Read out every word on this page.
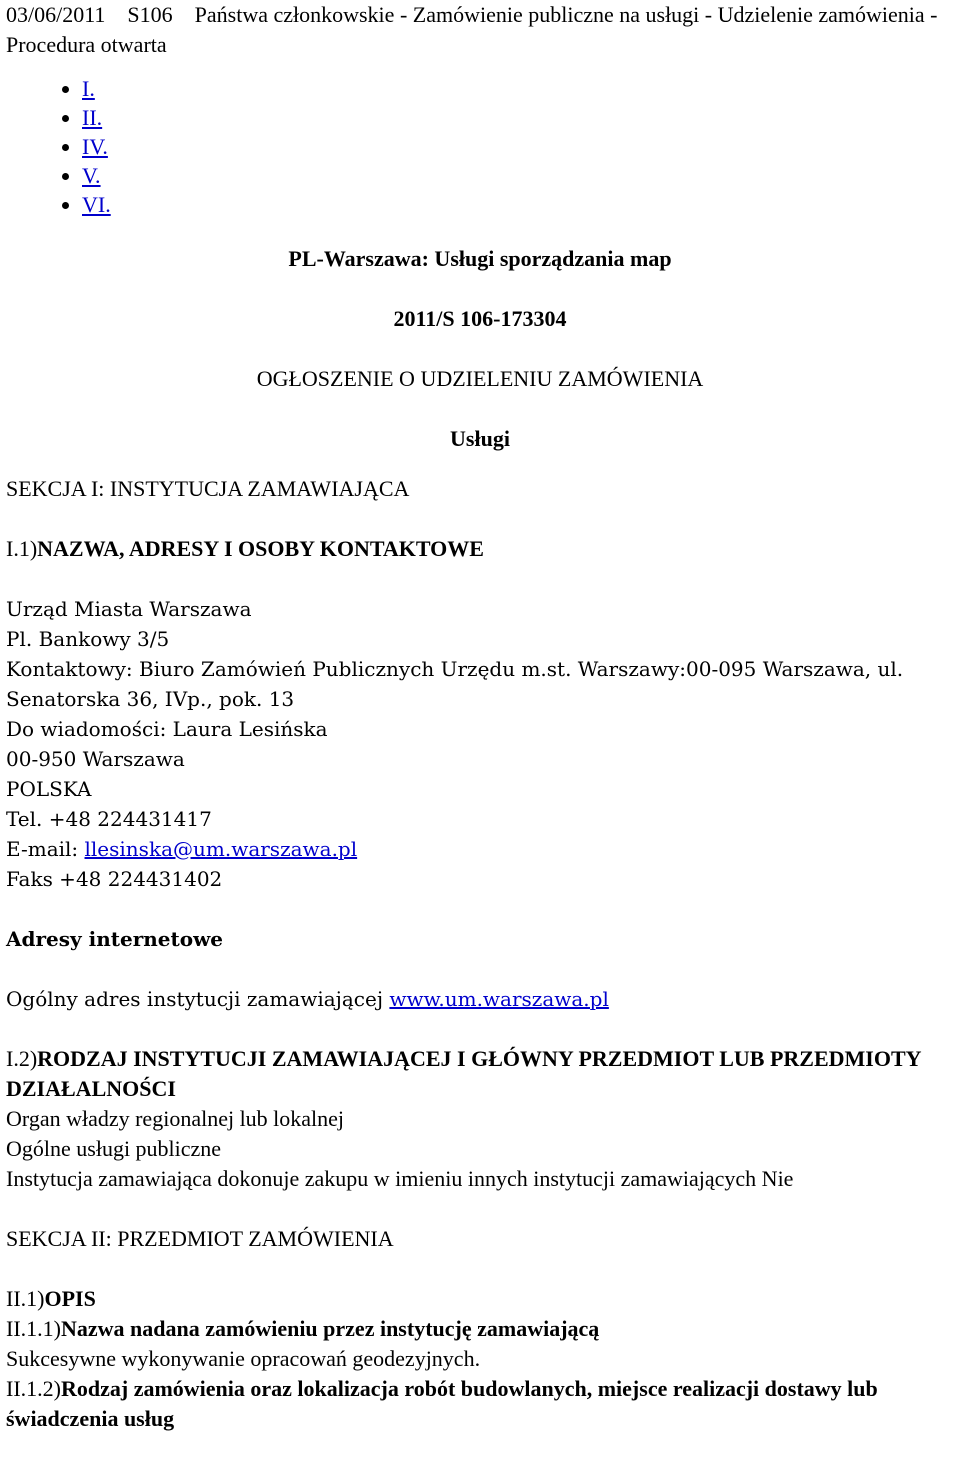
03/06/2011    S106    Państwa członkowskie - Zamówienie publiczne na usługi - Udzielenie zamówienia - Procedura otwarta
• I.
• II.
• IV.
• V.
• VI.
PL-Warszawa: Usługi sporządzania map
2011/S 106-173304
OGŁOSZENIE O UDZIELENIU ZAMÓWIENIA
Usługi
SEKCJA I: INSTYTUCJA ZAMAWIAJĄCA
I.1)NAZWA, ADRESY I OSOBY KONTAKTOWE
Urząd Miasta Warszawa
Pl. Bankowy 3/5
Kontaktowy: Biuro Zamówień Publicznych Urzędu m.st. Warszawy:00-095 Warszawa, ul. Senatorska 36, IVp., pok. 13
Do wiadomości: Laura Lesińska
00-950 Warszawa
POLSKA
Tel. +48 224431417
E-mail: llesinska@um.warszawa.pl
Faks +48 224431402
Adresy internetowe
Ogólny adres instytucji zamawiającej www.um.warszawa.pl
I.2)RODZAJ INSTYTUCJI ZAMAWIAJĄCEJ I GŁÓWNY PRZEDMIOT LUB PRZEDMIOTY DZIAŁALNOŚCI
Organ władzy regionalnej lub lokalnej
Ogólne usługi publiczne
Instytucja zamawiająca dokonuje zakupu w imieniu innych instytucji zamawiających Nie
SEKCJA II: PRZEDMIOT ZAMÓWIENIA
II.1)OPIS
II.1.1)Nazwa nadana zamówieniu przez instytucję zamawiającą
Sukcesywne wykonywanie opracowań geodezyjnych.
II.1.2)Rodzaj zamówienia oraz lokalizacja robót budowlanych, miejsce realizacji dostawy lub świadczenia usług
